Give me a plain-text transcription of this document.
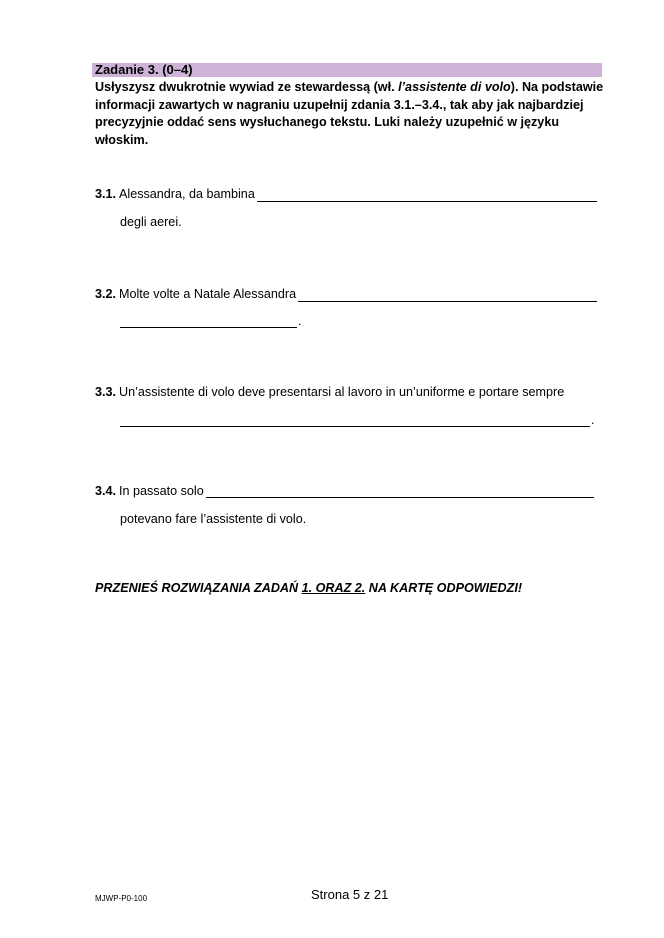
Zadanie 3. (0–4)
Usłyszysz dwukrotnie wywiad ze stewardessą (wł. l’assistente di volo). Na podstawie informacji zawartych w nagraniu uzupełnij zdania 3.1.–3.4., tak aby jak najbardziej precyzyjnie oddać sens wysłuchanego tekstu. Luki należy uzupełnić w języku włoskim.
3.1. Alessandra, da bambina
degli aerei.
3.2. Molte volte a Natale Alessandra
.
3.3. Un’assistente di volo deve presentarsi al lavoro in un’uniforme e portare sempre
.
3.4. In passato solo
potevano fare l’assistente di volo.
PRZENIEŚ ROZWIĄZANIA ZADAŃ 1. ORAZ 2. NA KARTĘ ODPOWIEDZI!
MJWP-P0-100	Strona 5 z 21
